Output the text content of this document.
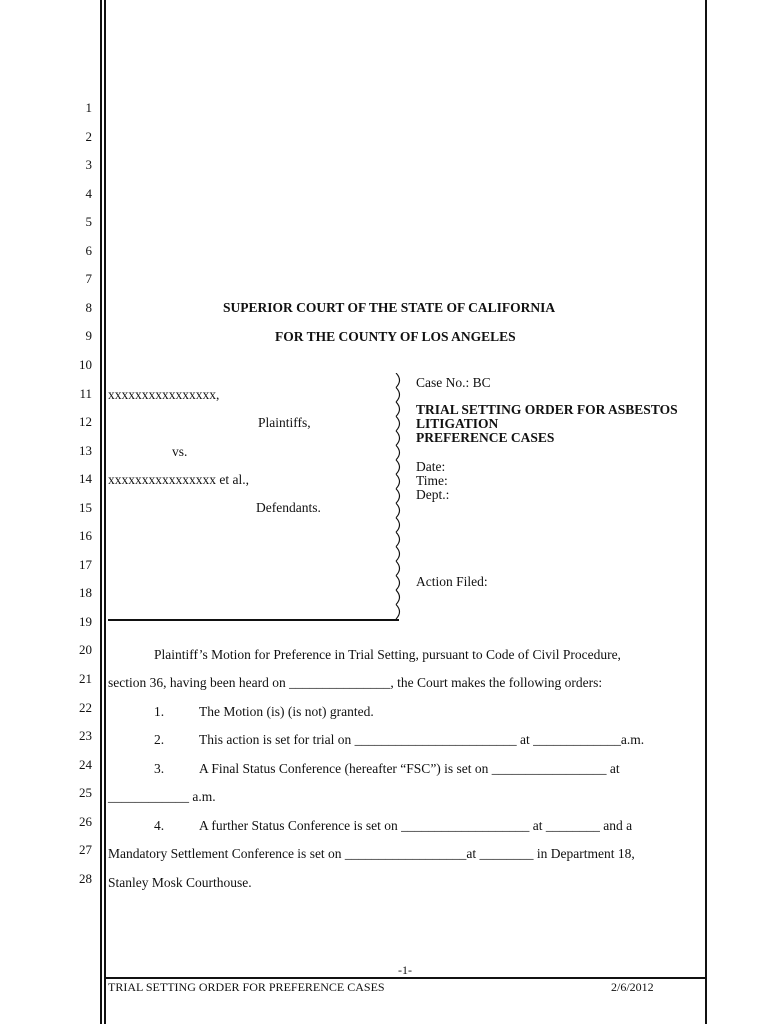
1
2
3
4
5
6
7
8
9
10
11
12
13
14
15
16
17
18
19
20
21
22
23
24
25
26
27
28
SUPERIOR COURT OF THE STATE OF CALIFORNIA
FOR THE COUNTY OF LOS ANGELES
xxxxxxxxxxxxxxxx,
Plaintiffs,
vs.
xxxxxxxxxxxxxxxx et al.,
Defendants.
Case No.: BC
TRIAL SETTING ORDER FOR ASBESTOS
LITIGATION
PREFERENCE CASES
Date:
Time:
Dept.:
Action Filed:
Plaintiff’s Motion for Preference in Trial Setting, pursuant to Code of Civil Procedure,
section 36, having been heard on _______________, the Court makes the following orders:
1.	The Motion (is) (is not) granted.
2.	This action is set for trial on ________________________ at _____________a.m.
3.	A Final Status Conference (hereafter “FSC”) is set on _________________ at
____________ a.m.
4.	A further Status Conference is set on ___________________ at ________ and a
Mandatory Settlement Conference is set on __________________at ________ in Department 18,
Stanley Mosk Courthouse.
-1-
TRIAL SETTING ORDER FOR PREFERENCE CASES	2/6/2012
